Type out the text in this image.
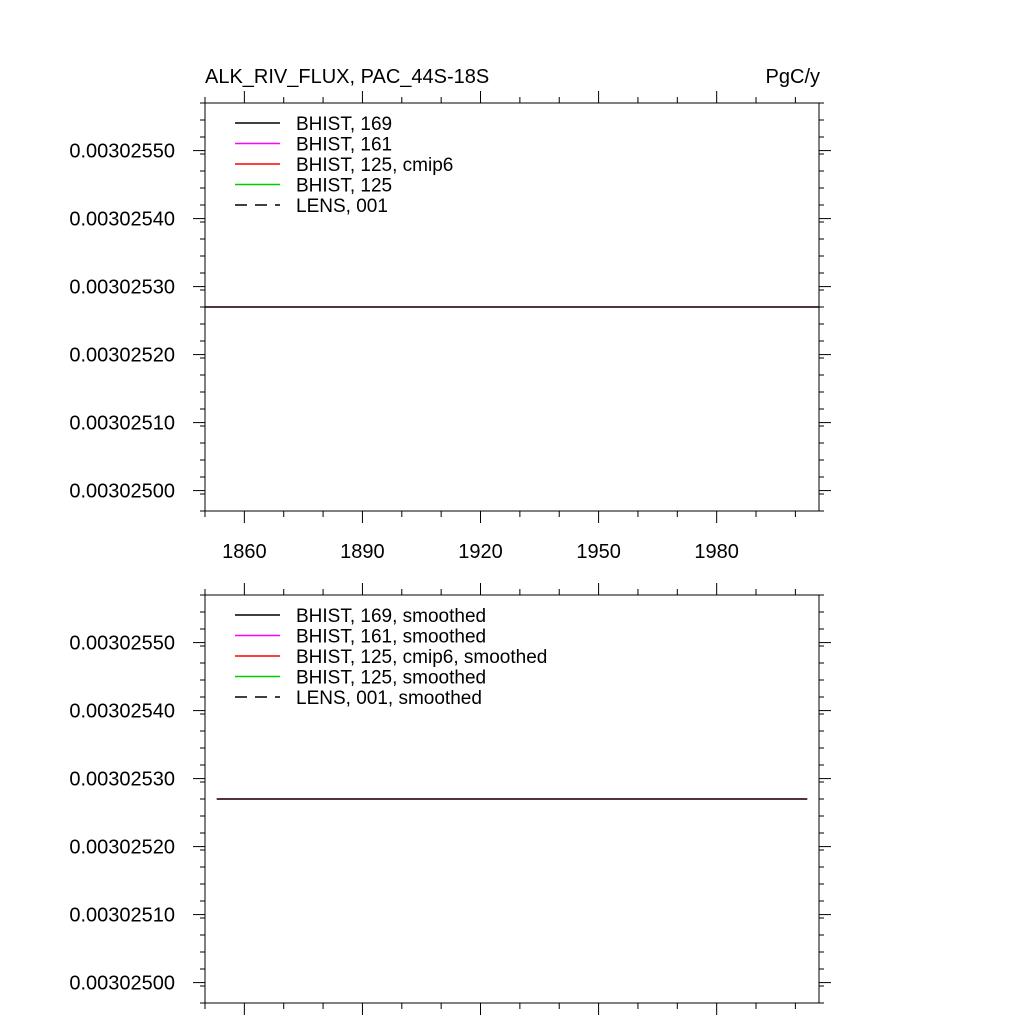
ALK_RIV_FLUX, PAC_44S-18S	PgC/y
0.00302500
0.00302510
0.00302520
0.00302530
0.00302540
0.00302550
1860	1890	1920	1950	1980
BHIST, 169
BHIST, 161
BHIST, 125, cmip6
BHIST, 125
LENS, 001
0.00302500
0.00302510
0.00302520
0.00302530
0.00302540
0.00302550
BHIST, 169, smoothed
BHIST, 161, smoothed
BHIST, 125, cmip6, smoothed
BHIST, 125, smoothed
LENS, 001, smoothed
